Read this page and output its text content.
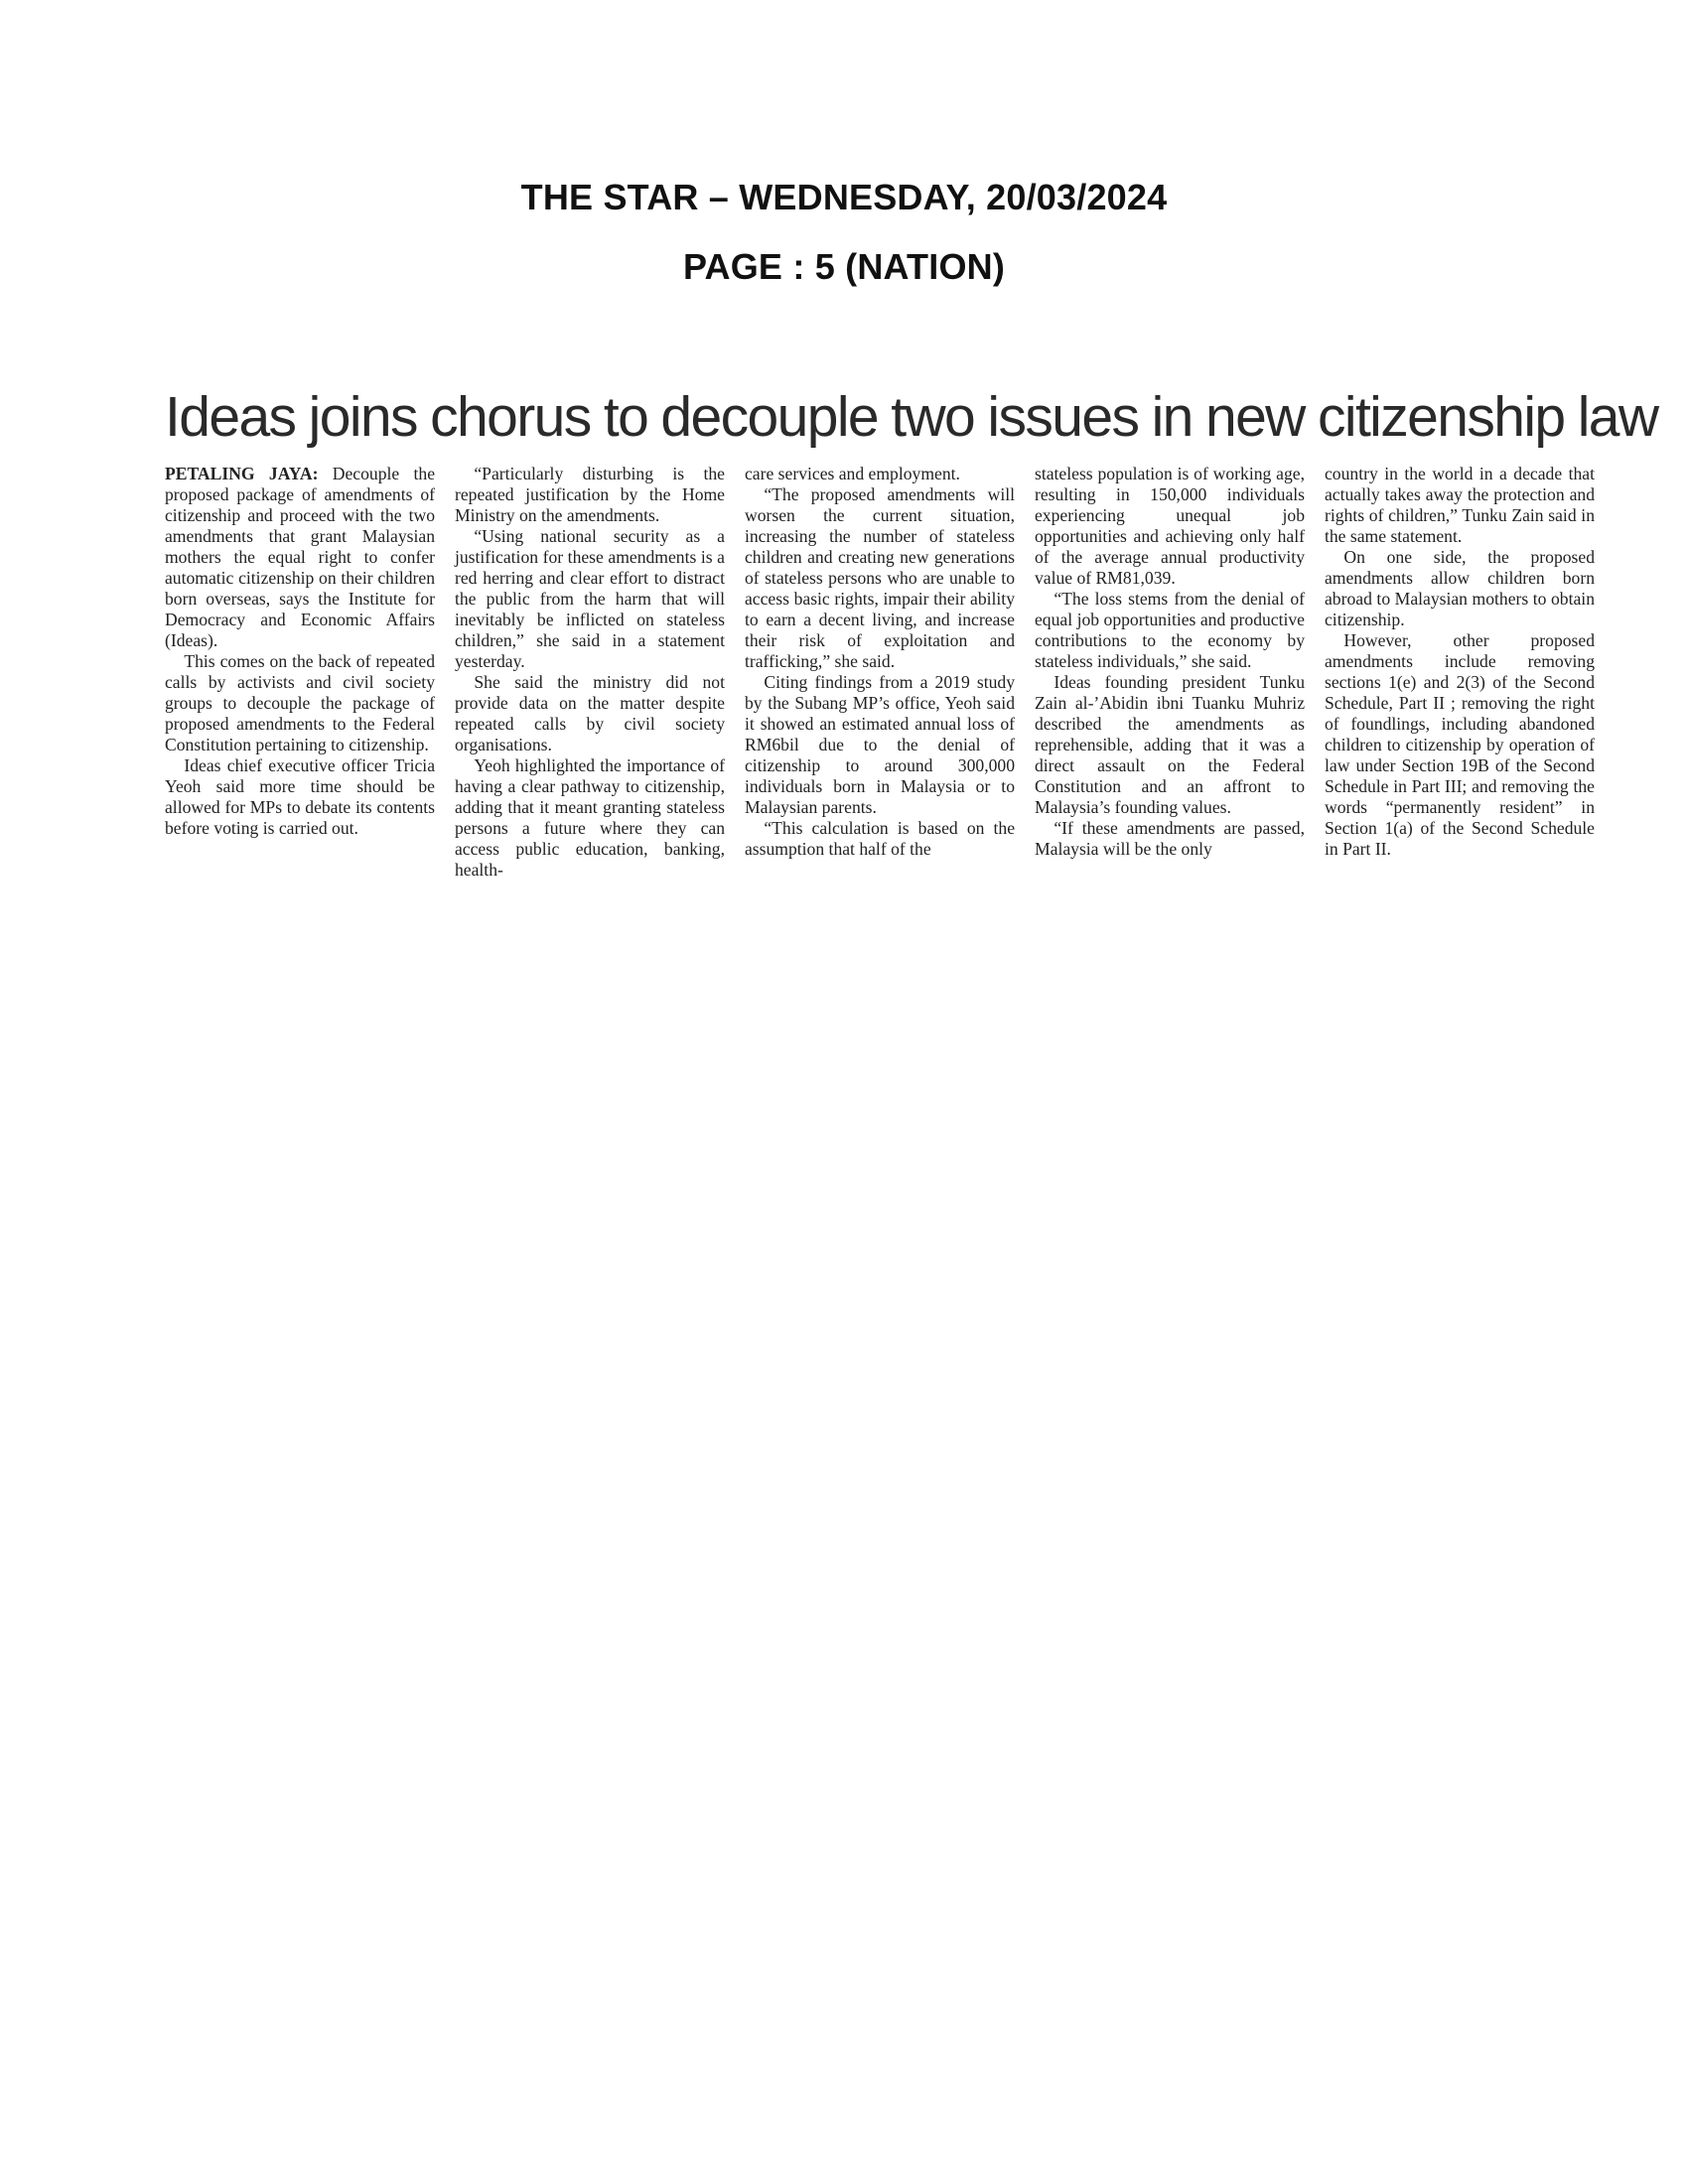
THE STAR – WEDNESDAY, 20/03/2024
PAGE : 5 (NATION)
Ideas joins chorus to decouple two issues in new citizenship law

PETALING JAYA: Decouple the proposed package of amendments of citizenship and proceed with the two amendments that grant Malaysian mothers the equal right to confer automatic citizenship on their children born overseas, says the Institute for Democracy and Economic Affairs (Ideas).

This comes on the back of repeated calls by activists and civil society groups to decouple the package of proposed amendments to the Federal Constitution pertaining to citizenship.

Ideas chief executive officer Tricia Yeoh said more time should be allowed for MPs to debate its contents before voting is carried out.

“Particularly disturbing is the repeated justification by the Home Ministry on the amendments.

“Using national security as a justification for these amendments is a red herring and clear effort to distract the public from the harm that will inevitably be inflicted on stateless children,” she said in a statement yesterday.

She said the ministry did not provide data on the matter despite repeated calls by civil society organisations.

Yeoh highlighted the importance of having a clear pathway to citizenship, adding that it meant granting stateless persons a future where they can access public education, banking, health-

care services and employment.

“The proposed amendments will worsen the current situation, increasing the number of stateless children and creating new generations of stateless persons who are unable to access basic rights, impair their ability to earn a decent living, and increase their risk of exploitation and trafficking,” she said.

Citing findings from a 2019 study by the Subang MP’s office, Yeoh said it showed an estimated annual loss of RM6bil due to the denial of citizenship to around 300,000 individuals born in Malaysia or to Malaysian parents.

“This calculation is based on the assumption that half of the

stateless population is of working age, resulting in 150,000 individuals experiencing unequal job opportunities and achieving only half of the average annual productivity value of RM81,039.

“The loss stems from the denial of equal job opportunities and productive contributions to the economy by stateless individuals,” she said.

Ideas founding president Tunku Zain al-’Abidin ibni Tuanku Muhriz described the amendments as reprehensible, adding that it was a direct assault on the Federal Constitution and an affront to Malaysia’s founding values.

“If these amendments are passed, Malaysia will be the only

country in the world in a decade that actually takes away the protection and rights of children,” Tunku Zain said in the same statement.

On one side, the proposed amendments allow children born abroad to Malaysian mothers to obtain citizenship.

However, other proposed amendments include removing sections 1(e) and 2(3) of the Second Schedule, Part II ; removing the right of foundlings, including abandoned children to citizenship by operation of law under Section 19B of the Second Schedule in Part III; and removing the words “permanently resident” in Section 1(a) of the Second Schedule in Part II.
